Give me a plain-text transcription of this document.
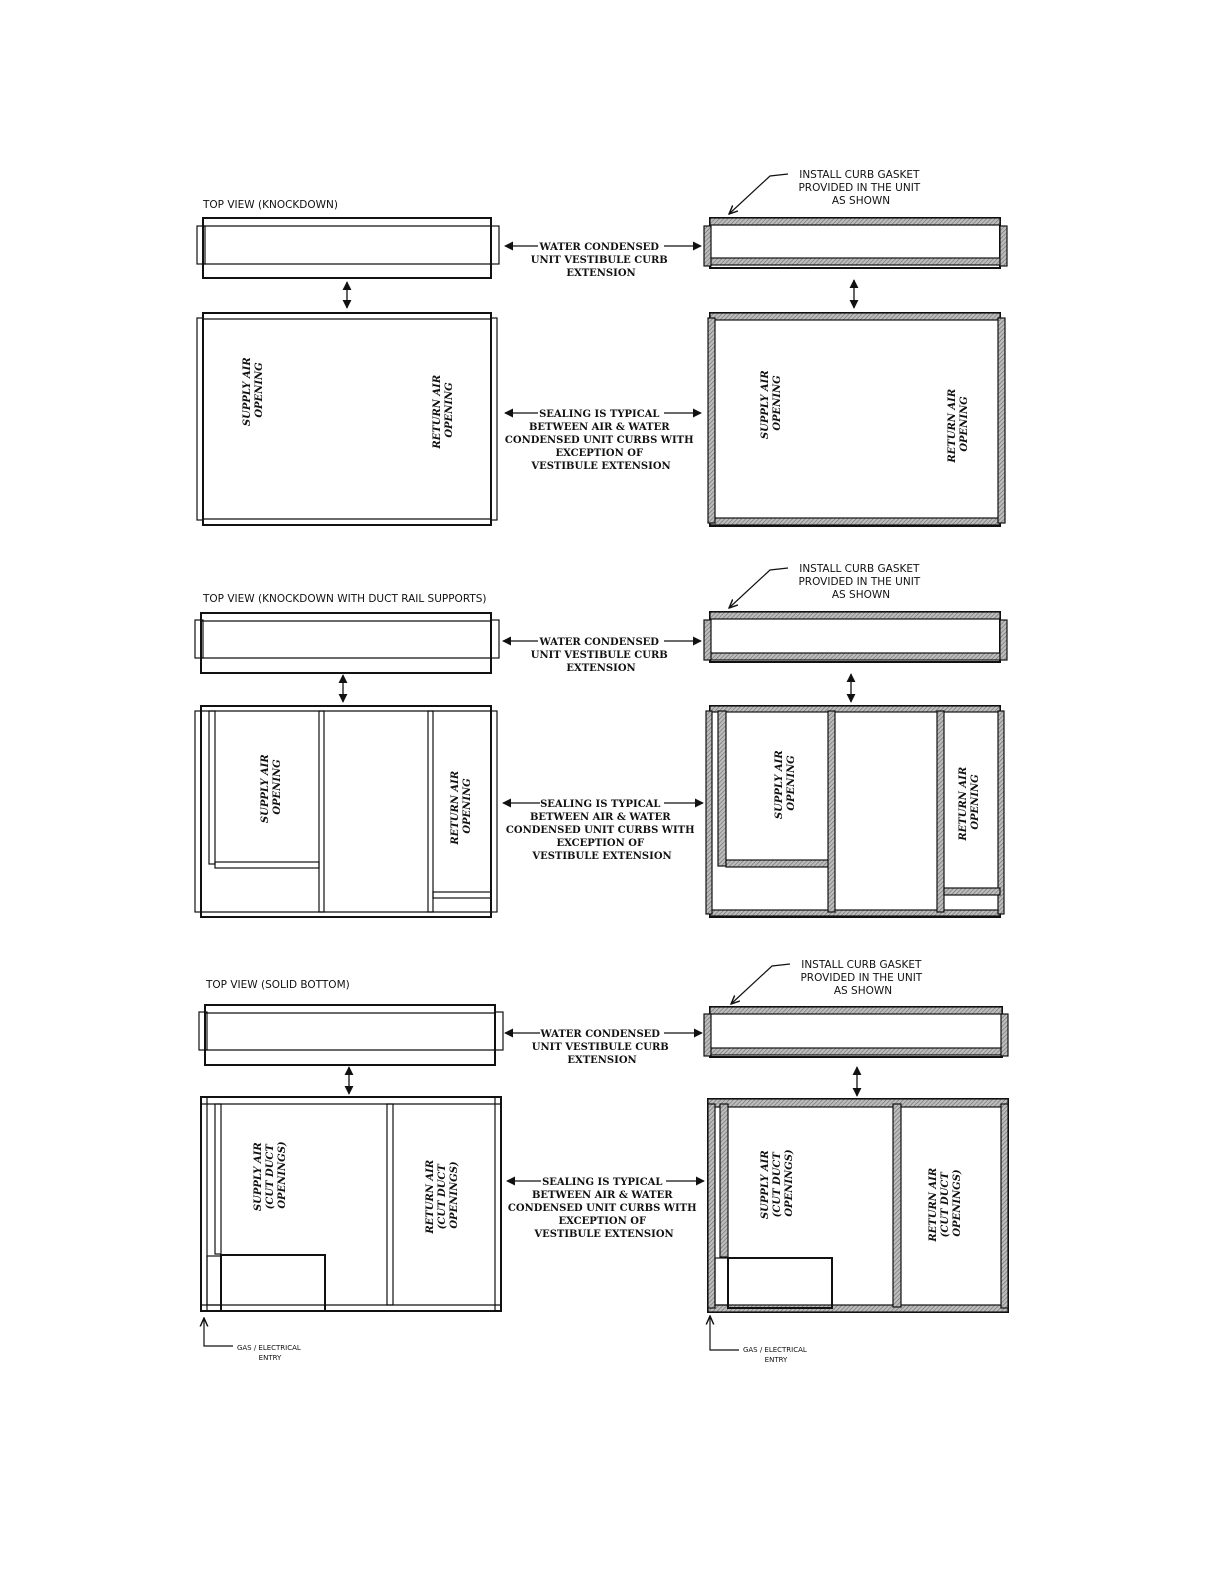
TOP VIEW (KNOCKDOWN)
SUPPLY AIR OPENING	RETURN AIR OPENING
WATER CONDENSED UNIT VESTIBULE CURB EXTENSION
SEALING IS TYPICAL BETWEEN AIR & WATER CONDENSED UNIT CURBS WITH EXCEPTION OF VESTIBULE EXTENSION
INSTALL CURB GASKET PROVIDED IN THE UNIT AS SHOWN
SUPPLY AIR OPENING	RETURN AIR OPENING
TOP VIEW (KNOCKDOWN WITH DUCT RAIL SUPPORTS)
SUPPLY AIR OPENING	RETURN AIR OPENING
WATER CONDENSED UNIT VESTIBULE CURB EXTENSION
SEALING IS TYPICAL BETWEEN AIR & WATER CONDENSED UNIT CURBS WITH EXCEPTION OF VESTIBULE EXTENSION
INSTALL CURB GASKET PROVIDED IN THE UNIT AS SHOWN
SUPPLY AIR OPENING	RETURN AIR OPENING
TOP VIEW (SOLID BOTTOM)
SUPPLY AIR (CUT DUCT OPENINGS)	RETURN AIR (CUT DUCT OPENINGS)
GAS / ELECTRICAL ENTRY
WATER CONDENSED UNIT VESTIBULE CURB EXTENSION
SEALING IS TYPICAL BETWEEN AIR & WATER CONDENSED UNIT CURBS WITH EXCEPTION OF VESTIBULE EXTENSION
INSTALL CURB GASKET PROVIDED IN THE UNIT AS SHOWN
SUPPLY AIR (CUT DUCT OPENINGS)	RETURN AIR (CUT DUCT OPENINGS)
GAS / ELECTRICAL ENTRY
